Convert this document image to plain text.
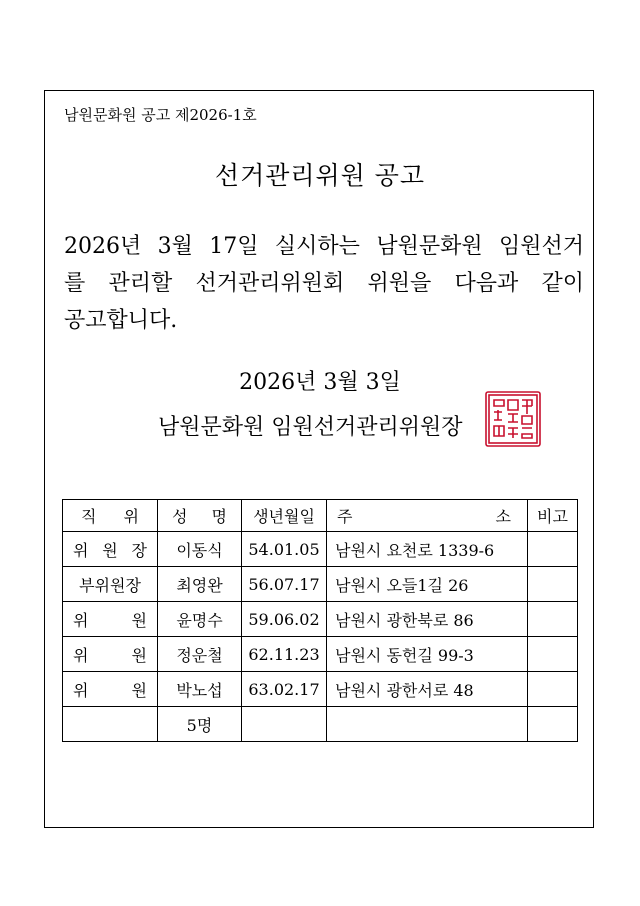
남원문화원 공고 제2026-1호
선거관리위원 공고
2026년 3월 17일 실시하는 남원문화원 임원선거
를 관리할 선거관리위원회 위원을 다음과 같이
공고합니다.
2026년 3월 3일
남원문화원 임원선거관리위원장
직 위	성 명	생년월일	주 소	비고

위 원 장	이동식	54.01.05	남원시 요천로 1339-6	
부위원장	최영완	56.07.17	남원시 오들1길 26	

위 원	윤명수	59.06.02	남원시 광한북로 86	

위 원	정운철	62.11.23	남원시 동헌길 99-3	

위 원	박노섭	63.02.17	남원시 광한서로 48	
	5명			
